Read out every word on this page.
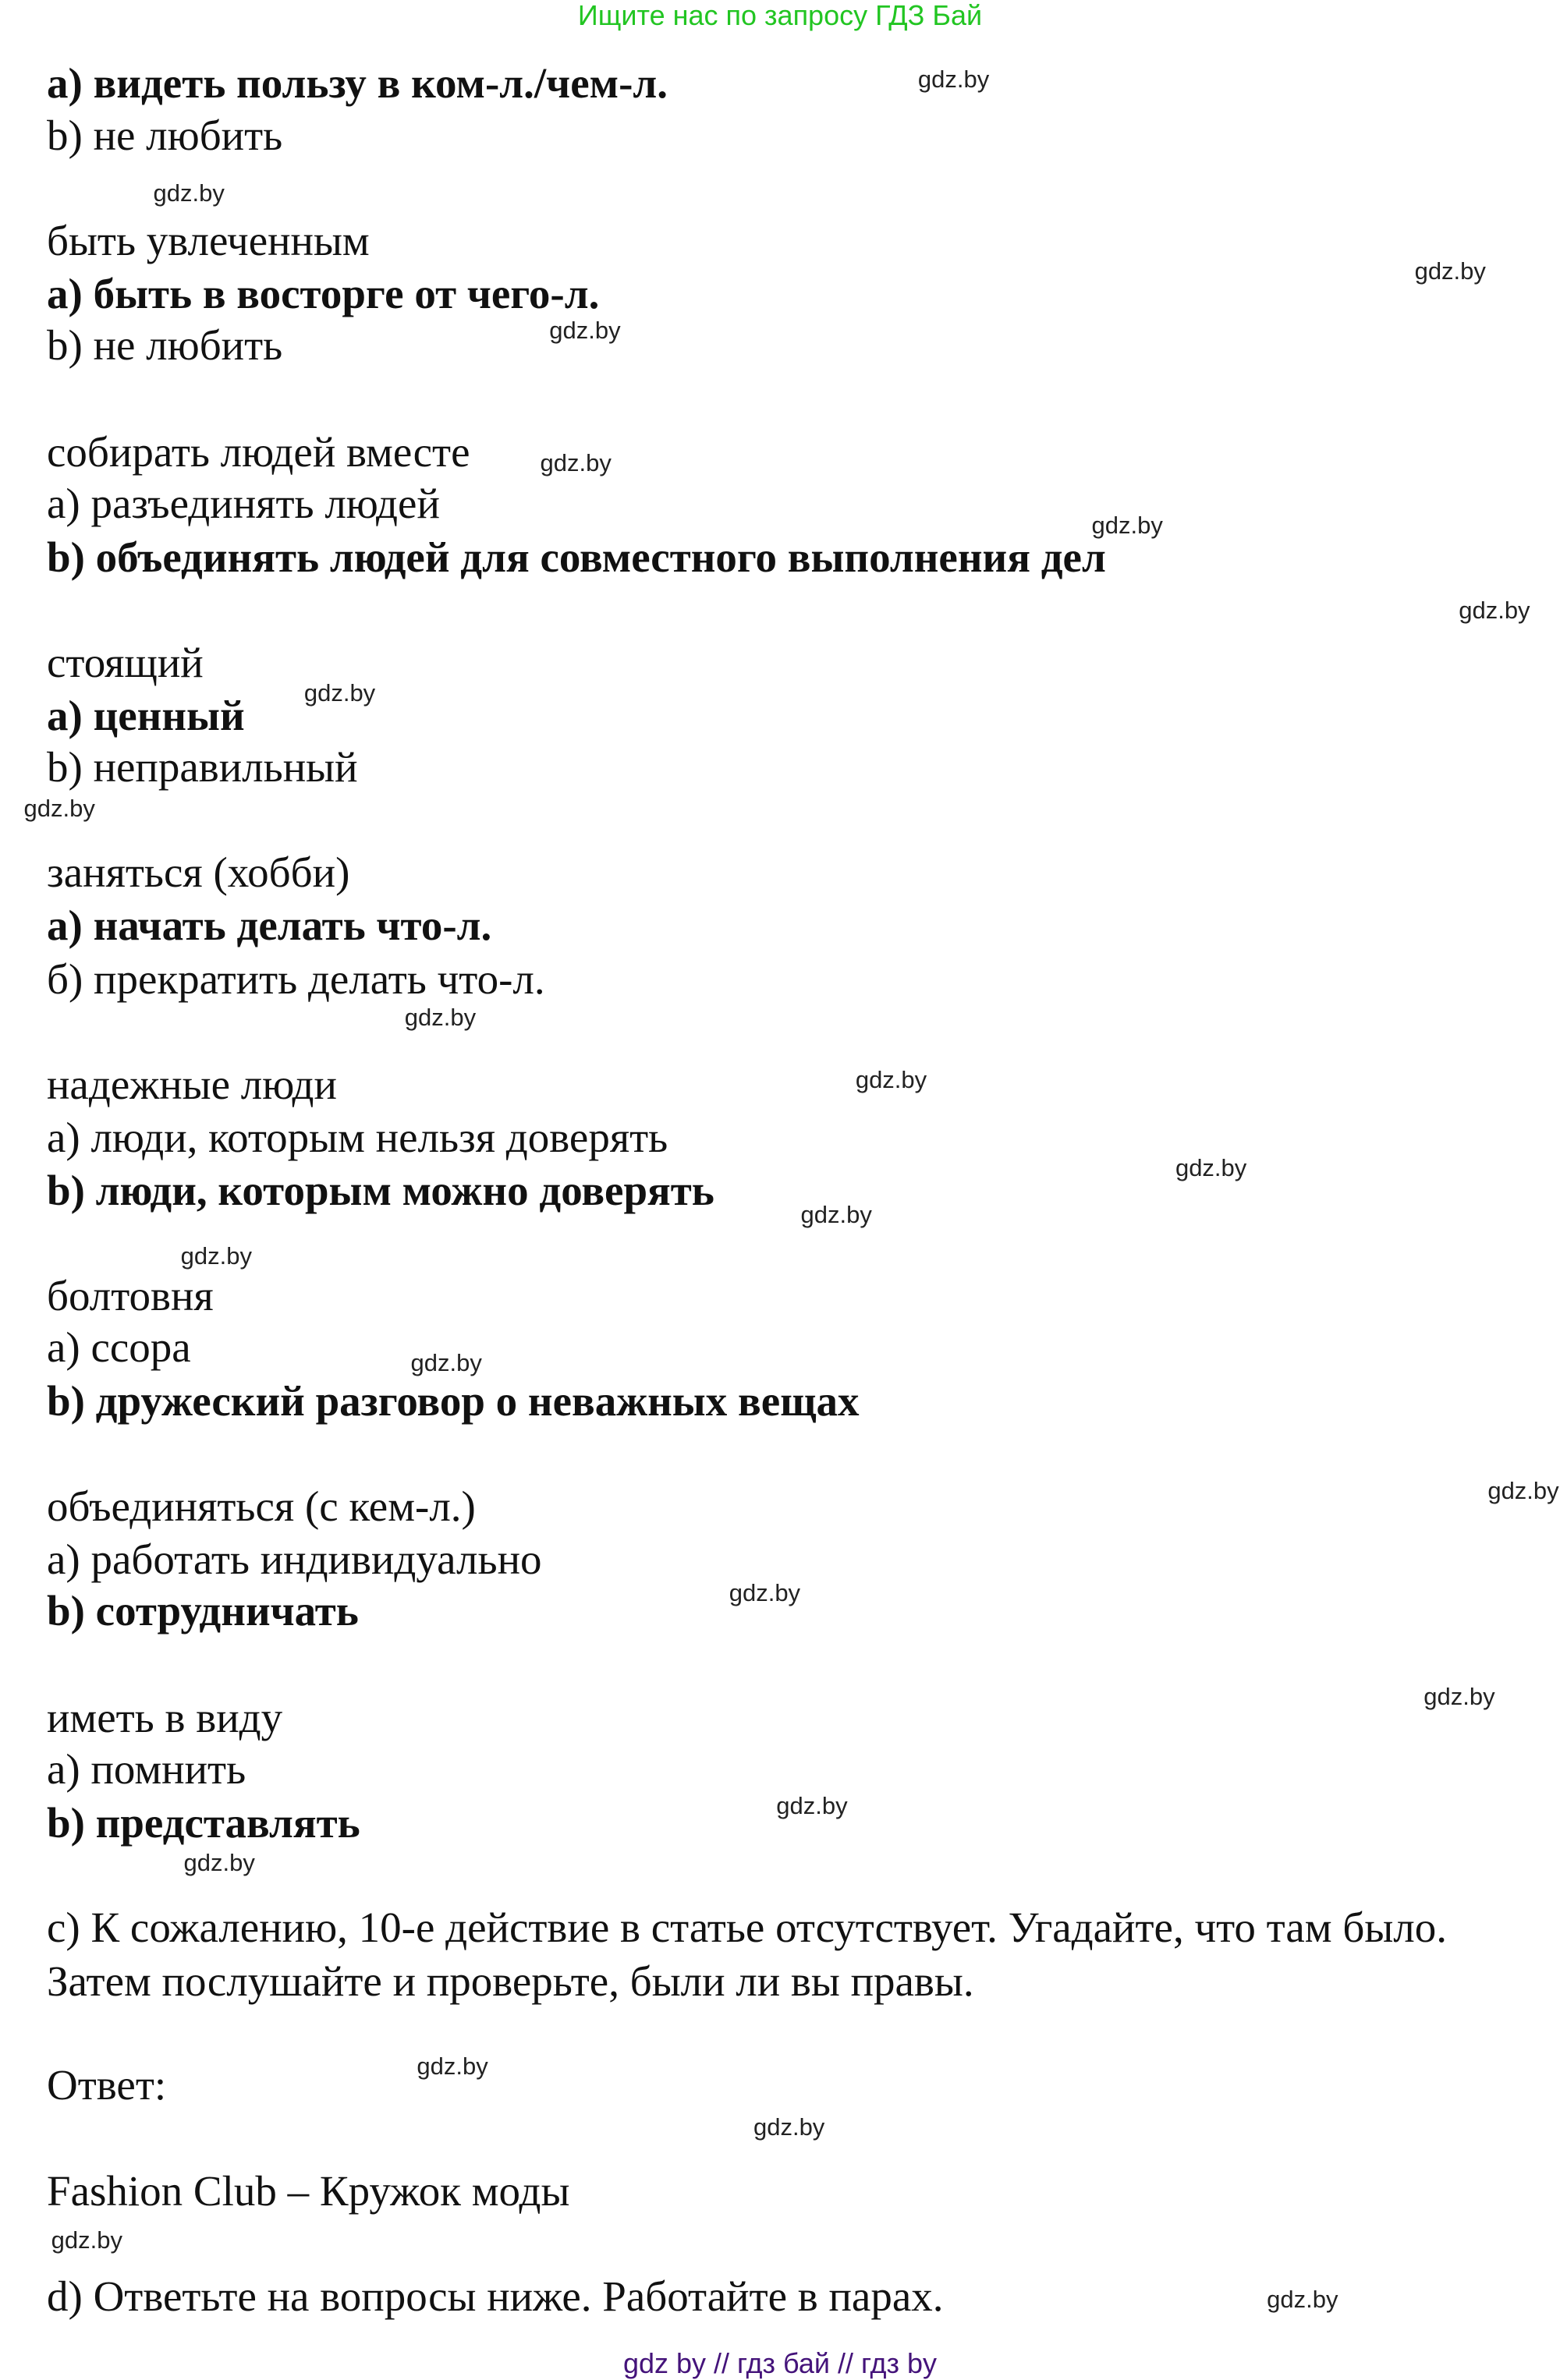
Ищите нас по запросу ГДЗ Бай
а) видеть пользу в ком-л./чем-л.
b) не любить
быть увлеченным
а) быть в восторге от чего-л.
b) не любить
собирать людей вместе
а) разъединять людей
b) объединять людей для совместного выполнения дел
стоящий
а) ценный
b) неправильный
заняться (хобби)
а) начать делать что-л.
б) прекратить делать что-л.
надежные люди
а) люди, которым нельзя доверять
b) люди, которым можно доверять
болтовня
а) ссора
b) дружеский разговор о неважных вещах
объединяться (с кем-л.)
а) работать индивидуально
b) сотрудничать
иметь в виду
а) помнить
b) представлять
c) К сожалению, 10-е действие в статье отсутствует. Угадайте, что там было.
Затем послушайте и проверьте, были ли вы правы.
Ответ:
Fashion Club – Кружок моды
d) Ответьте на вопросы ниже. Работайте в парах.
gdz.by
gdz.by
gdz.by
gdz.by
gdz.by
gdz.by
gdz.by
gdz.by
gdz.by
gdz.by
gdz.by
gdz.by
gdz.by
gdz.by
gdz.by
gdz.by
gdz.by
gdz.by
gdz.by
gdz.by
gdz.by
gdz.by
gdz.by
gdz.by
gdz by // гдз бай // гдз by
